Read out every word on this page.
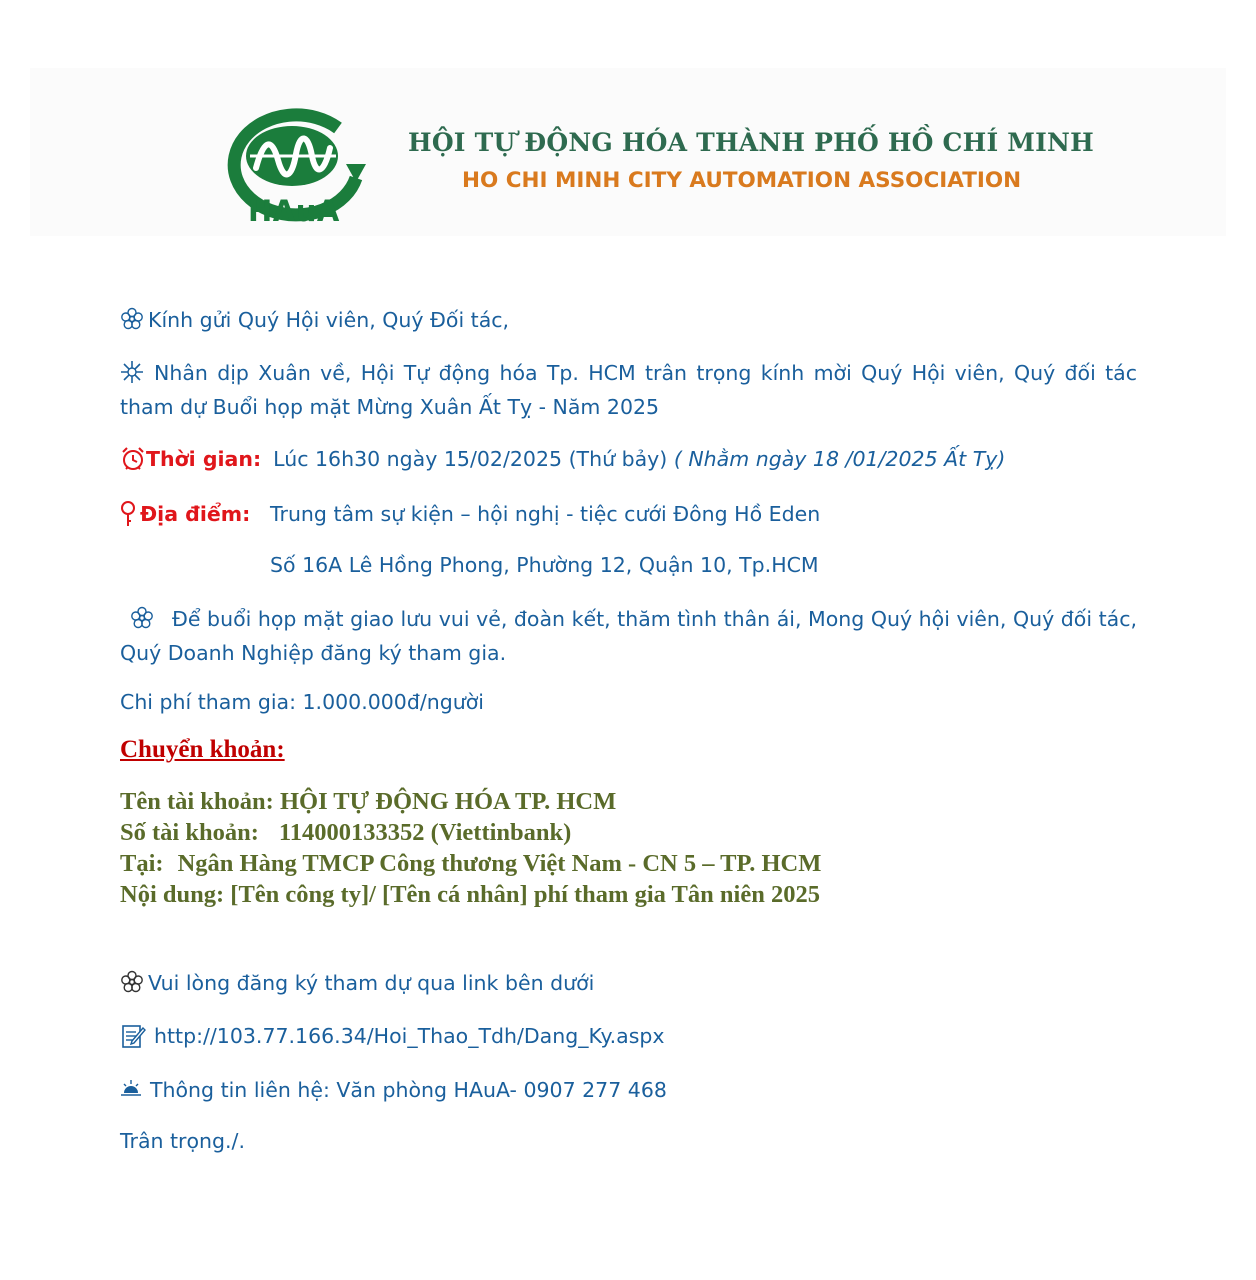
HAuA
HỘI TỰ ĐỘNG HÓA THÀNH PHỐ HỒ CHÍ MINH
HO CHI MINH CITY AUTOMATION ASSOCIATION
Kính gửi Quý Hội viên, Quý Đối tác,
Nhân dịp Xuân về, Hội Tự động hóa Tp. HCM trân trọng kính mời Quý Hội viên, Quý đối tác tham dự Buổi họp mặt Mừng Xuân Ất Tỵ - Năm 2025
Thời gian: Lúc 16h30 ngày 15/02/2025 (Thứ bảy) ( Nhằm ngày 18 /01/2025 Ất Tỵ)
Địa điểm: Trung tâm sự kiện – hội nghị - tiệc cưới Đông Hồ Eden
Số 16A Lê Hồng Phong, Phường 12, Quận 10, Tp.HCM
Để buổi họp mặt giao lưu vui vẻ, đoàn kết, thăm tình thân ái, Mong Quý hội viên, Quý đối tác, Quý Doanh Nghiệp đăng ký tham gia.
Chi phí tham gia: 1.000.000đ/người
Chuyển khoản:
Tên tài khoản: HỘI TỰ ĐỘNG HÓA TP. HCM
Số tài khoản: 114000133352 (Viettinbank)
Tại: Ngân Hàng TMCP Công thương Việt Nam - CN 5 – TP. HCM
Nội dung: [Tên công ty]/ [Tên cá nhân] phí tham gia Tân niên 2025
Vui lòng đăng ký tham dự qua link bên dưới
http://103.77.166.34/Hoi_Thao_Tdh/Dang_Ky.aspx
Thông tin liên hệ: Văn phòng HAuA- 0907 277 468
Trân trọng./.
